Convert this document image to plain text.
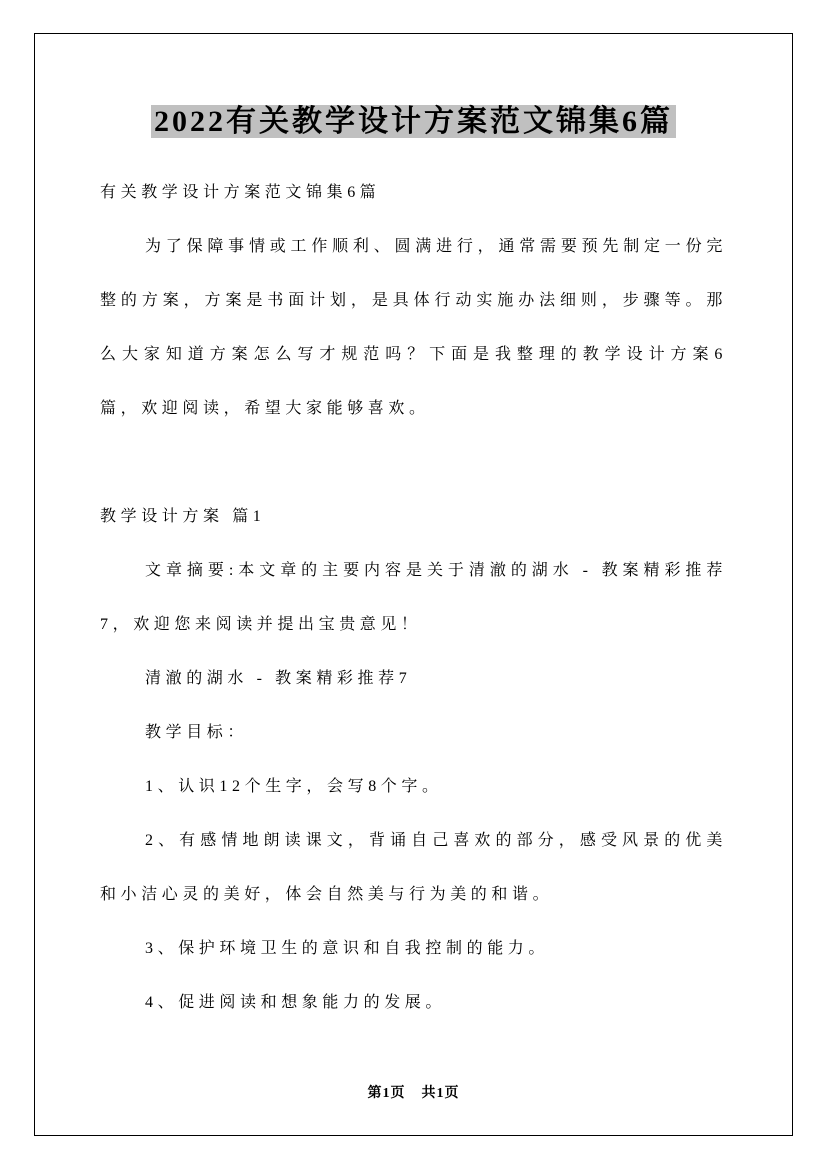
2022有关教学设计方案范文锦集6篇

有关教学设计方案范文锦集6篇

为了保障事情或工作顺利、圆满进行，通常需要预先制定一份完整的方案，方案是书面计划，是具体行动实施办法细则，步骤等。那么大家知道方案怎么写才规范吗？下面是我整理的教学设计方案6篇，欢迎阅读，希望大家能够喜欢。

教学设计方案 篇1

文章摘要:本文章的主要内容是关于清澈的湖水 - 教案精彩推荐7，欢迎您来阅读并提出宝贵意见！

清澈的湖水 - 教案精彩推荐7

教学目标：

1、认识12个生字，会写8个字。

2、有感情地朗读课文，背诵自己喜欢的部分，感受风景的优美和小洁心灵的美好，体会自然美与行为美的和谐。

3、保护环境卫生的意识和自我控制的能力。

4、促进阅读和想象能力的发展。

第1页 共1页
